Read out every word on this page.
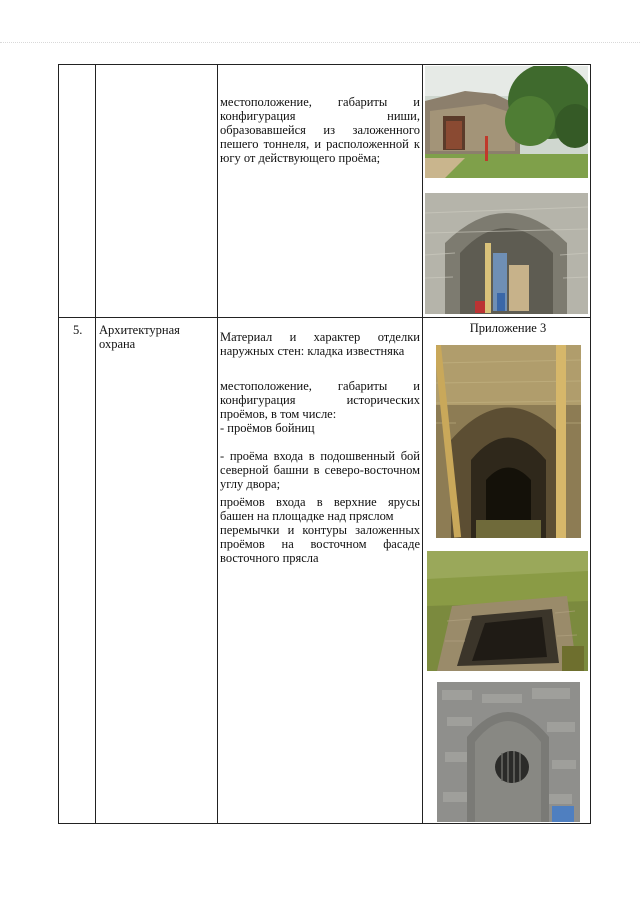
местоположение, габариты и конфигурация ниши, образовавшейся из заложенного пешего тоннеля, и расположенной к югу от действующего проёма;
5. Архитектурная охрана	Материал и характер отделки наружных стен: кладка известняка
местоположение, габариты и конфигурация исторических проёмов, в том числе:
- проёмов бойниц
- проёма входа в подошвенный бой северной башни в северо-восточном углу двора;
проёмов входа в верхние ярусы башен на площадке над пряслом
перемычки и контуры заложенных проёмов на восточном фасаде восточного прясла
Приложение 3
